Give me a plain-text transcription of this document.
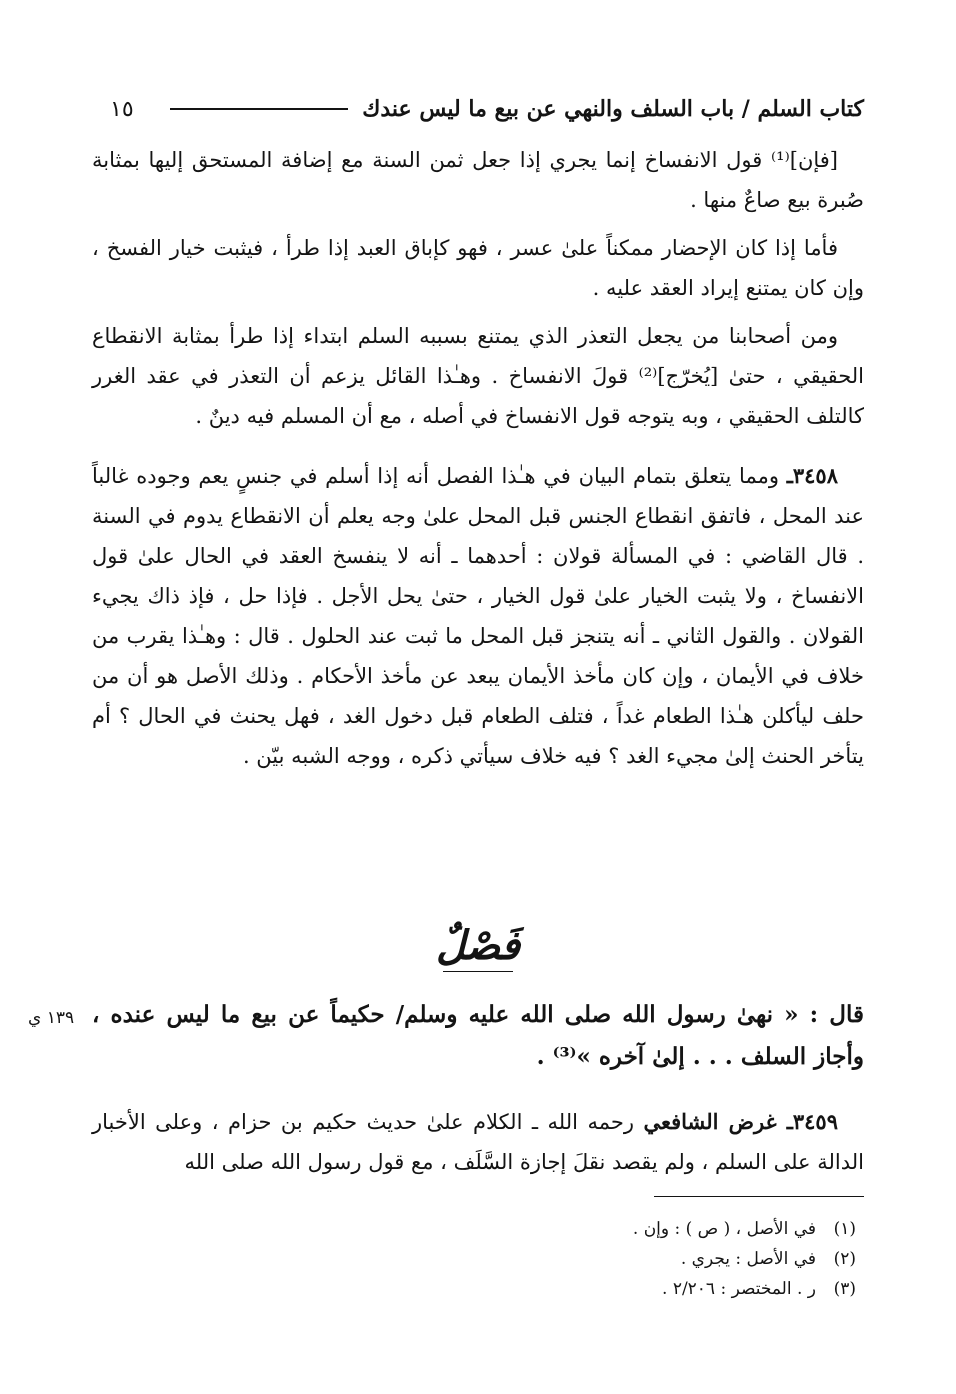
كتاب السلم / باب السلف والنهي عن بيع ما ليس عندك
١٥

[فإن]⁽¹⁾ قول الانفساخ إنما يجري إذا جعل ثمن السنة مع إضافة المستحق إليها بمثابة صُبرة بيع صاعٌ منها .

فأما إذا كان الإحضار ممكناً علىٰ عسر ، فهو كإباق العبد إذا طرأ ، فيثبت خيار الفسخ ، وإن كان يمتنع إيراد العقد عليه .

ومن أصحابنا من يجعل التعذر الذي يمتنع بسببه السلم ابتداء إذا طرأ بمثابة الانقطاع الحقيقي ، حتىٰ [يُخرّج]⁽²⁾ قولَ الانفساخ . وهـٰذا القائل يزعم أن التعذر في عقد الغرر كالتلف الحقيقي ، وبه يتوجه قول الانفساخ في أصله ، مع أن المسلم فيه دينٌ .

٣٤٥٨ـ ومما يتعلق بتمام البيان في هـٰذا الفصل أنه إذا أسلم في جنسٍ يعم وجوده غالباً عند المحل ، فاتفق انقطاع الجنس قبل المحل علىٰ وجه يعلم أن الانقطاع يدوم في السنة . قال القاضي : في المسألة قولان : أحدهما ـ أنه لا ينفسخ العقد في الحال علىٰ قول الانفساخ ، ولا يثبت الخيار علىٰ قول الخيار ، حتىٰ يحل الأجل . فإذا حل ، فإذ ذاك يجيء القولان . والقول الثاني ـ أنه يتنجز قبل المحل ما ثبت عند الحلول . قال : وهـٰذا يقرب من خلاف في الأيمان ، وإن كان مأخذ الأيمان يبعد عن مأخذ الأحكام . وذلك الأصل هو أن من حلف ليأكلن هـٰذا الطعام غداً ، فتلف الطعام قبل دخول الغد ، فهل يحنث في الحال ؟ أم يتأخر الحنث إلىٰ مجيء الغد ؟ فيه خلاف سيأتي ذكره ، ووجه الشبه بيّن .

فَصْلٌ
قال : « نهىٰ رسول الله صلى الله عليه وسلم/ حكيماً عن بيع ما ليس عنده ، وأجاز السلف . . . إلىٰ آخره »⁽³⁾ .
١٣٩ ي
٣٤٥٩ـ غرض الشافعي رحمه الله ـ الكلام علىٰ حديث حكيم بن حزام ، وعلى الأخبار الدالة على السلم ، ولم يقصد نقلَ إجازة السَّلَف ، مع قول رسول الله صلى الله
(١)
في الأصل ، ( ص ) : وإن .
(٢)
في الأصل : يجري .
(٣)
ر . المختصر : ٢/٢٠٦ .
